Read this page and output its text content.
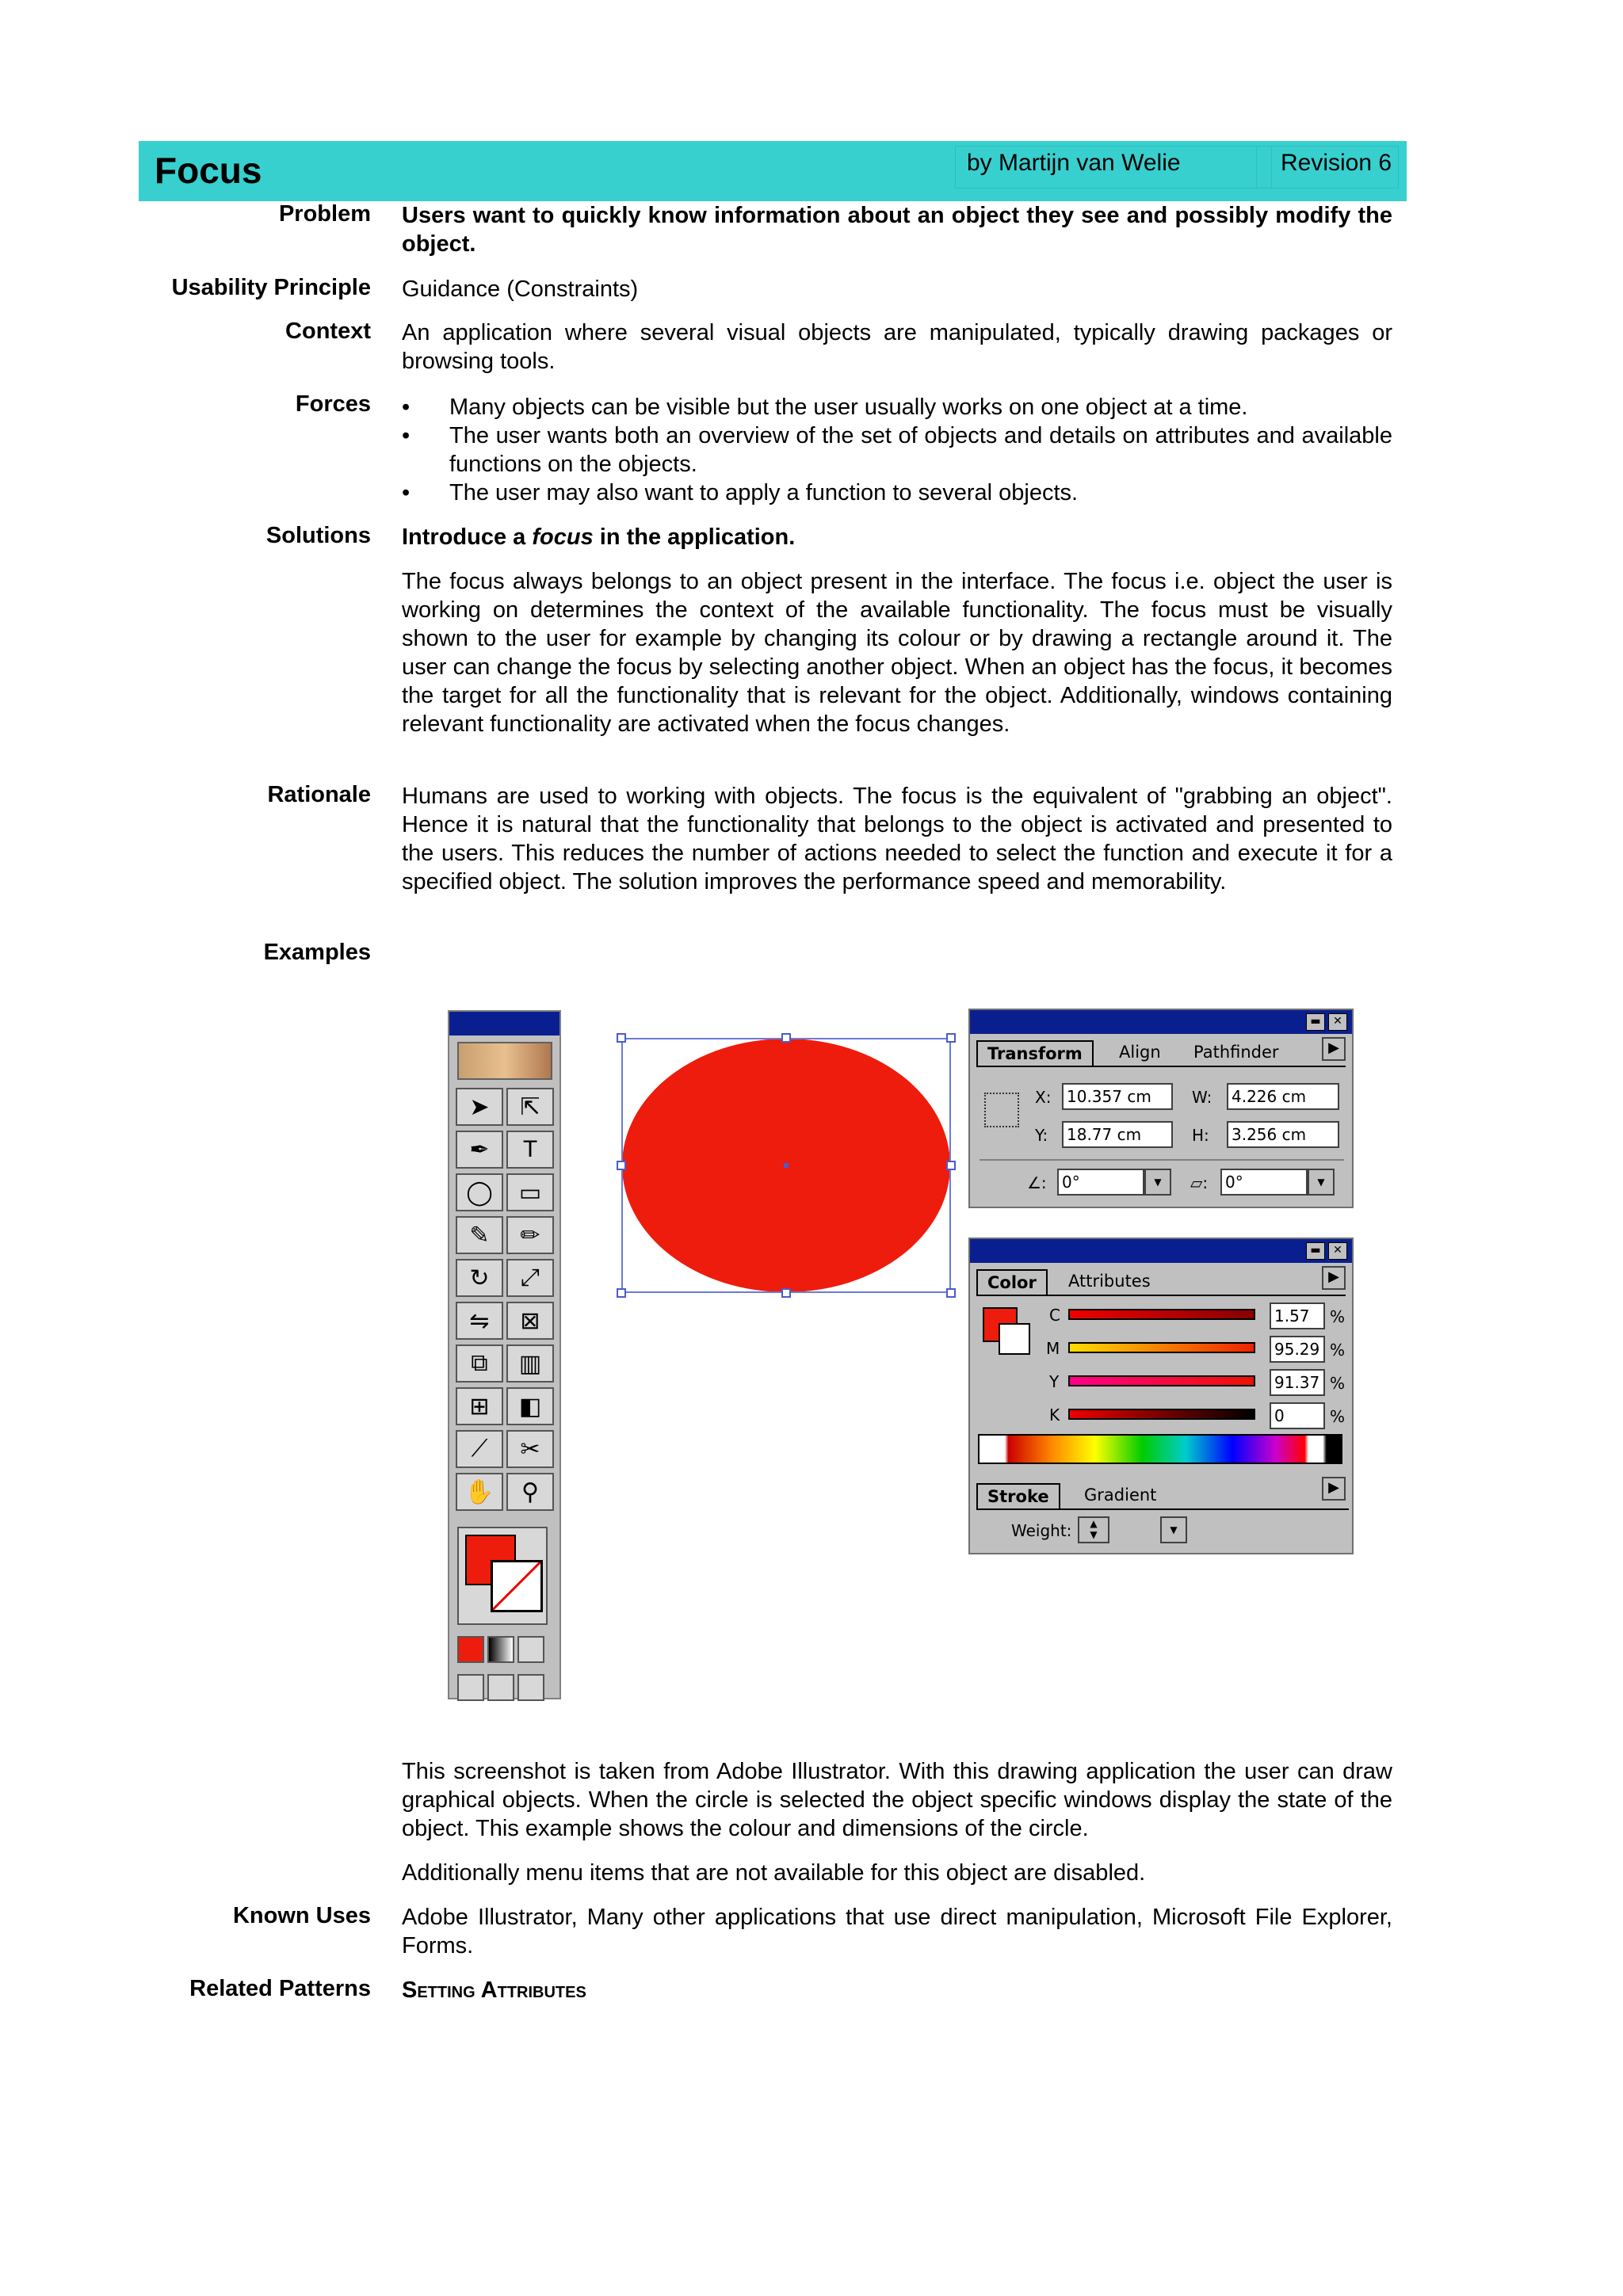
Focus	by Martijn van Welie	Revision 6
Problem Users want to quickly know information about an object they see and possibly modify the object.
Usability Principle Guidance (Constraints)
Context An application where several visual objects are manipulated, typically drawing packages or browsing tools.
Forces
•	Many objects can be visible but the user usually works on one object at a time.
• The user wants both an overview of the set of objects and details on attributes and available functions on the objects.
• The user may also want to apply a function to several objects.
Solutions Introduce a focus in the application.
The focus always belongs to an object present in the interface. The focus i.e. object the user is working on determines the context of the available functionality. The focus must be visually shown to the user for example by changing its colour or by drawing a rectangle around it. The user can change the focus by selecting another object. When an object has the focus, it becomes the target for all the functionality that is relevant for the object. Additionally, windows containing relevant functionality are activated when the focus changes.
Rationale Humans are used to working with objects. The focus is the equivalent of "grabbing an object". Hence it is natural that the functionality that belongs to the object is activated and presented to the users. This reduces the number of actions needed to select the function and execute it for a specified object. The solution improves the performance speed and memorability.
Examples
➤	⇱
✒	T
◯	▭
✎	✏
↻	⤢
⇋	⊠
⧉	▥
⊞	◧
⟋	✂
✋	⚲
▬	✕
Transform	Align	Pathfinder	▶
X: 10.357 cm	W:	4.226 cm
Y:	18.77 cm	H:	3.256 cm
∠: 0°	▼	▱:	0°	▼
▬	✕
Color	Attributes	▶
C	1.57	%
M	95.29 %
Y	91.37 %
K	0	%
Stroke	Gradient	▶
Weight:	▲
▼	▼
This screenshot is taken from Adobe Illustrator. With this drawing application the user can draw graphical objects. When the circle is selected the object specific windows display the state of the object. This example shows the colour and dimensions of the circle.
Additionally menu items that are not available for this object are disabled.
Known Uses Adobe Illustrator, Many other applications that use direct manipulation, Microsoft File Explorer, Forms.
Related Patterns Setting Attributes
